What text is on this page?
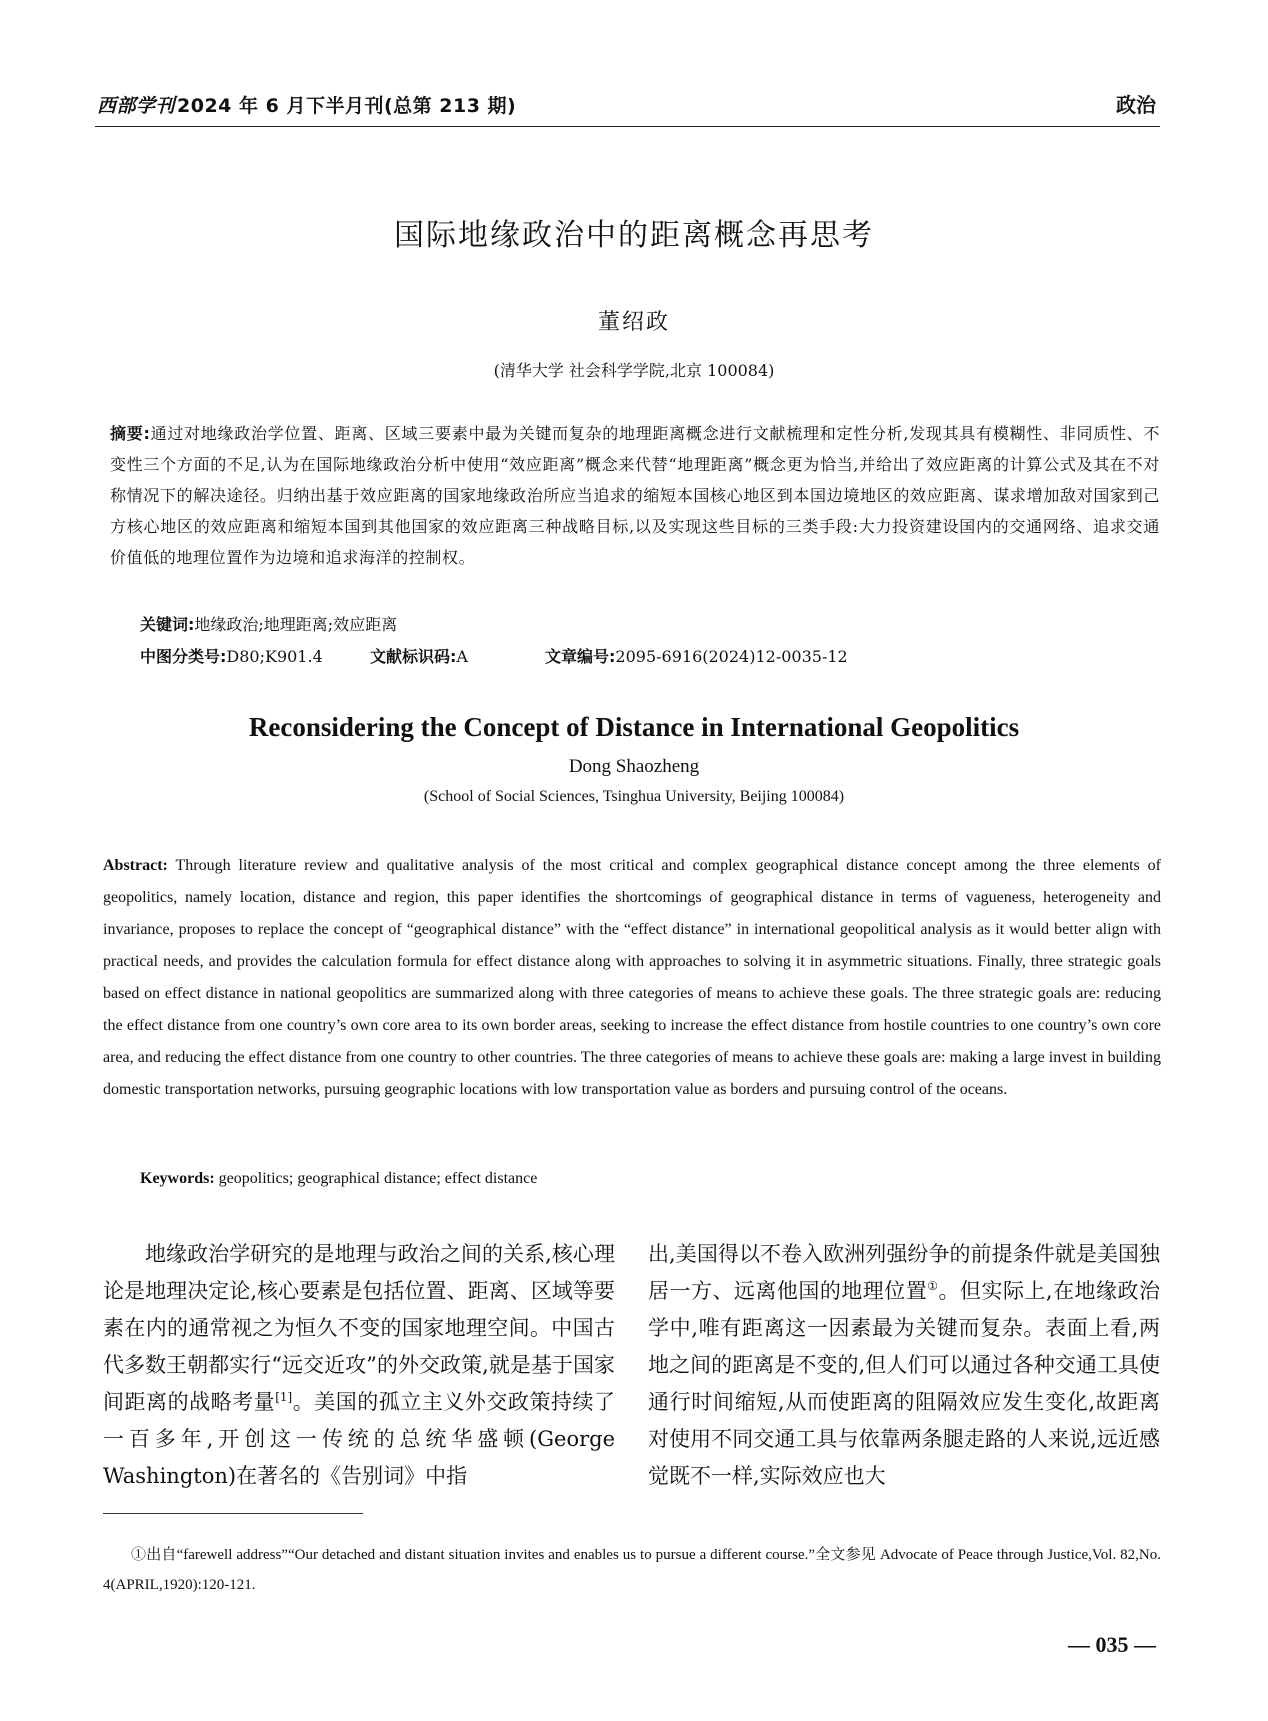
西部学刊 2024 年 6 月下半月刊(总第 213 期)	政治
国际地缘政治中的距离概念再思考
董绍政
(清华大学 社会科学学院,北京 100084)
摘要:通过对地缘政治学位置、距离、区域三要素中最为关键而复杂的地理距离概念进行文献梳理和定性分析,发现其具有模糊性、非同质性、不变性三个方面的不足,认为在国际地缘政治分析中使用“效应距离”概念来代替“地理距离”概念更为恰当,并给出了效应距离的计算公式及其在不对称情况下的解决途径。归纳出基于效应距离的国家地缘政治所应当追求的缩短本国核心地区到本国边境地区的效应距离、谋求增加敌对国家到己方核心地区的效应距离和缩短本国到其他国家的效应距离三种战略目标,以及实现这些目标的三类手段:大力投资建设国内的交通网络、追求交通价值低的地理位置作为边境和追求海洋的控制权。
关键词:地缘政治;地理距离;效应距离
中图分类号:D80;K901.4	文献标识码:A	文章编号:2095-6916(2024)12-0035-12
Reconsidering the Concept of Distance in International Geopolitics
Dong Shaozheng
(School of Social Sciences, Tsinghua University, Beijing 100084)
Abstract: Through literature review and qualitative analysis of the most critical and complex geographical distance concept among the three elements of geopolitics, namely location, distance and region, this paper identifies the shortcomings of geographical distance in terms of vagueness, heterogeneity and invariance, proposes to replace the concept of “geographical distance” with the “effect distance” in international geopolitical analysis as it would better align with practical needs, and provides the calculation formula for effect distance along with approaches to solving it in asymmetric situations. Finally, three strategic goals based on effect distance in national geopolitics are summarized along with three categories of means to achieve these goals. The three strategic goals are: reducing the effect distance from one country’s own core area to its own border areas, seeking to increase the effect distance from hostile countries to one country’s own core area, and reducing the effect distance from one country to other countries. The three categories of means to achieve these goals are: making a large invest in building domestic transportation networks, pursuing geographic locations with low transportation value as borders and pursuing control of the oceans.
Keywords: geopolitics; geographical distance; effect distance

地缘政治学研究的是地理与政治之间的关系,核心理论是地理决定论,核心要素是包括位置、距离、区域等要素在内的通常视之为恒久不变的国家地理空间。中国古代多数王朝都实行“远交近攻”的外交政策,就是基于国家间距离的战略考量[1]。美国的孤立主义外交政策持续了一百多年,开创这一传统的总统华盛顿(George Washington)在著名的《告别词》中指

出,美国得以不卷入欧洲列强纷争的前提条件就是美国独居一方、远离他国的地理位置①。但实际上,在地缘政治学中,唯有距离这一因素最为关键而复杂。表面上看,两地之间的距离是不变的,但人们可以通过各种交通工具使通行时间缩短,从而使距离的阻隔效应发生变化,故距离对使用不同交通工具与依靠两条腿走路的人来说,远近感觉既不一样,实际效应也大

①出自“farewell address”“Our detached and distant situation invites and enables us to pursue a different course.”全文参见 Advocate of Peace through Justice,Vol. 82,No. 4(APRIL,1920):120-121.
— 035 —
